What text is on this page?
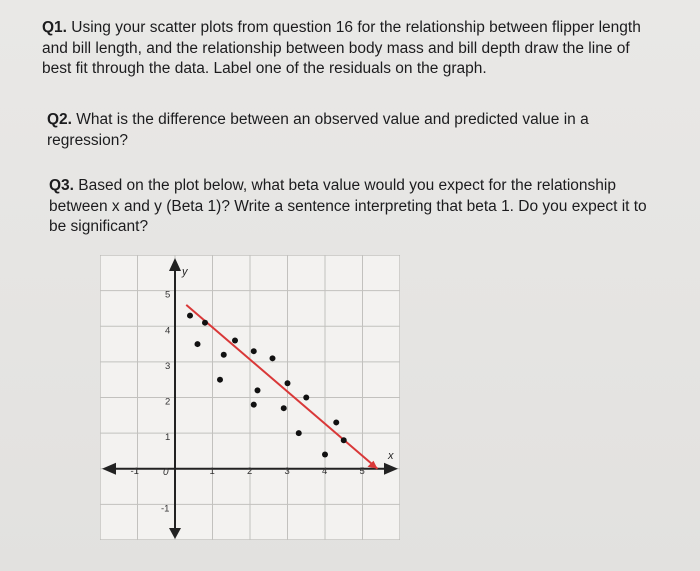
Q1. Using your scatter plots from question 16 for the relationship between flipper length
and bill length, and the relationship between body mass and bill depth draw the line of
best fit through the data. Label one of the residuals on the graph.
Q2. What is the difference between an observed value and predicted value in a
regression?
Q3. Based on the plot below, what beta value would you expect for the relationship
between x and y (Beta 1)? Write a sentence interpreting that beta 1. Do you expect it to
be significant?
x
y
-1	1	2	3	4	5
5
4
3
2
1
-1
0
